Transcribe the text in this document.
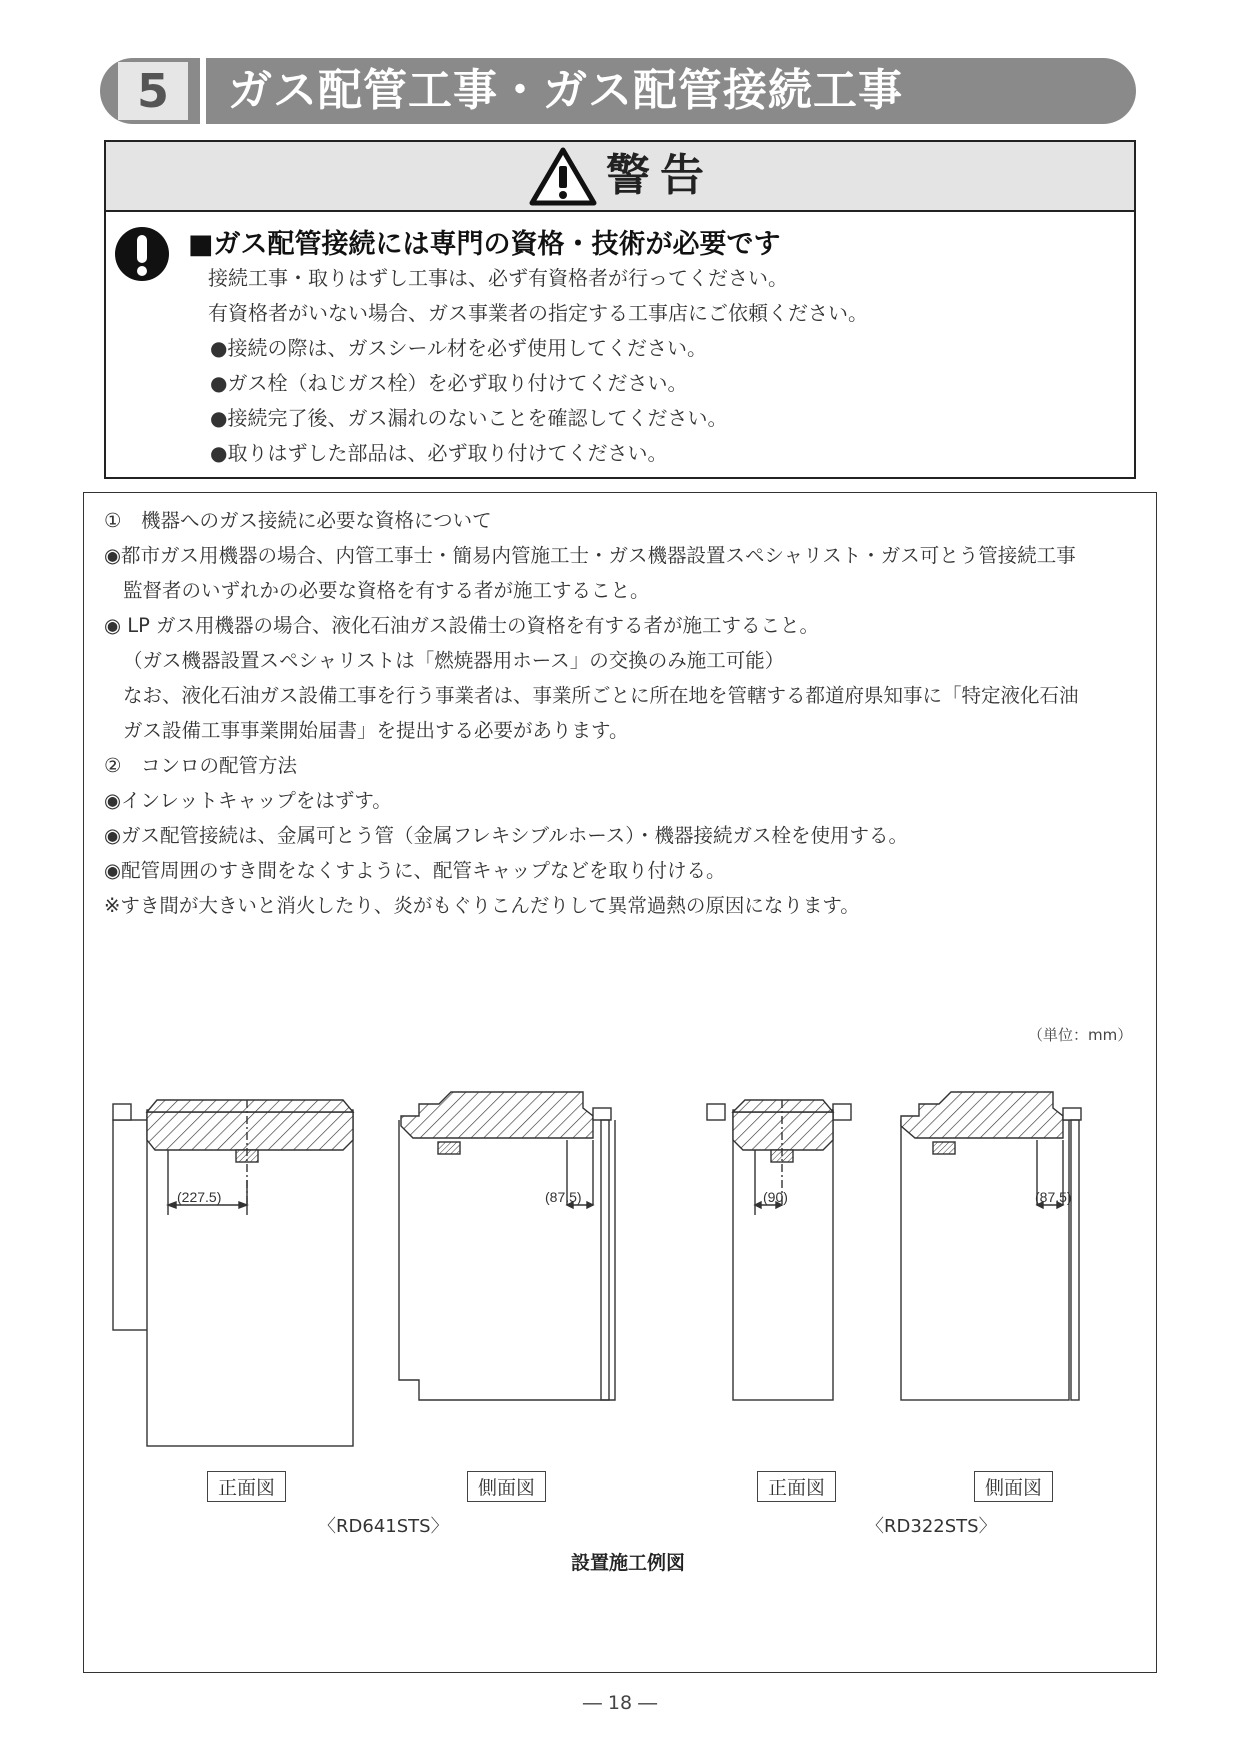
5	ガス配管工事・ガス配管接続工事
警告
■ガス配管接続には専門の資格・技術が必要です
接続工事・取りはずし工事は、必ず有資格者が行ってください。
有資格者がいない場合、ガス事業者の指定する工事店にご依頼ください。
●接続の際は、ガスシール材を必ず使用してください。
●ガス栓（ねじガス栓）を必ず取り付けてください。
●接続完了後、ガス漏れのないことを確認してください。
●取りはずした部品は、必ず取り付けてください。
①　機器へのガス接続に必要な資格について
◉都市ガス用機器の場合、内管工事士・簡易内管施工士・ガス機器設置スペシャリスト・ガス可とう管接続工事
監督者のいずれかの必要な資格を有する者が施工すること。
◉ LP ガス用機器の場合、液化石油ガス設備士の資格を有する者が施工すること。
（ガス機器設置スペシャリストは「燃焼器用ホース」の交換のみ施工可能）
なお、液化石油ガス設備工事を行う事業者は、事業所ごとに所在地を管轄する都道府県知事に「特定液化石油
ガス設備工事事業開始届書」を提出する必要があります。
②　コンロの配管方法
◉インレットキャップをはずす。
◉ガス配管接続は、金属可とう管（金属フレキシブルホース）・機器接続ガス栓を使用する。
◉配管周囲のすき間をなくすように、配管キャップなどを取り付ける。
※すき間が大きいと消火したり、炎がもぐりこんだりして異常過熱の原因になります。
（単位：mm）
(227.5)	(87.5)	(90)	(87.5)
正面図	側面図	正面図	側面図
〈RD641STS〉	〈RD322STS〉
設置施工例図
― 18 ―
